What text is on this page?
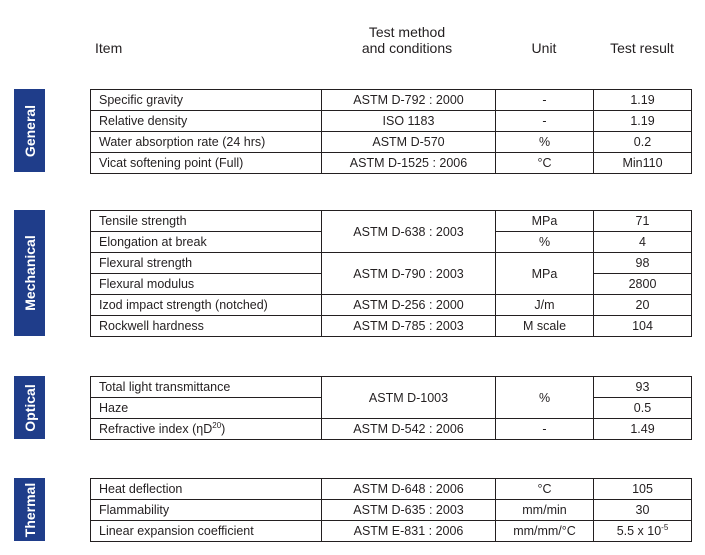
Item
Test method
and conditions	Unit	Test result
General
Specific gravity	ASTM D-792 : 2000	-	1.19
Relative density	ISO 1183	-	1.19
Water absorption rate (24 hrs)	ASTM D-570	%	0.2
Vicat softening point (Full)	ASTM D-1525 : 2006	°C	Min110
Mechanical
Tensile strength	ASTM D-638 : 2003	MPa	71
Elongation at break		%	4
Flexural strength	ASTM D-790 : 2003	MPa	98
Flexural modulus			2800
Izod impact strength (notched)	ASTM D-256 : 2000	J/m	20
Rockwell hardness	ASTM D-785 : 2003	M scale	104
Optical	Total light transmittance	ASTM D-1003	%	93
Haze			0.5
Refractive index $(\eta D^{20})$	ASTM D-542 : 2006	-	1.49
Thermal	Heat deflection	ASTM D-648 : 2006	°C	105
Flammability	ASTM D-635 : 2003	mm/min	30
Linear expansion coefficient	ASTM E-831 : 2006	mm/mm/°C	5.5 x $10^{-5}$
